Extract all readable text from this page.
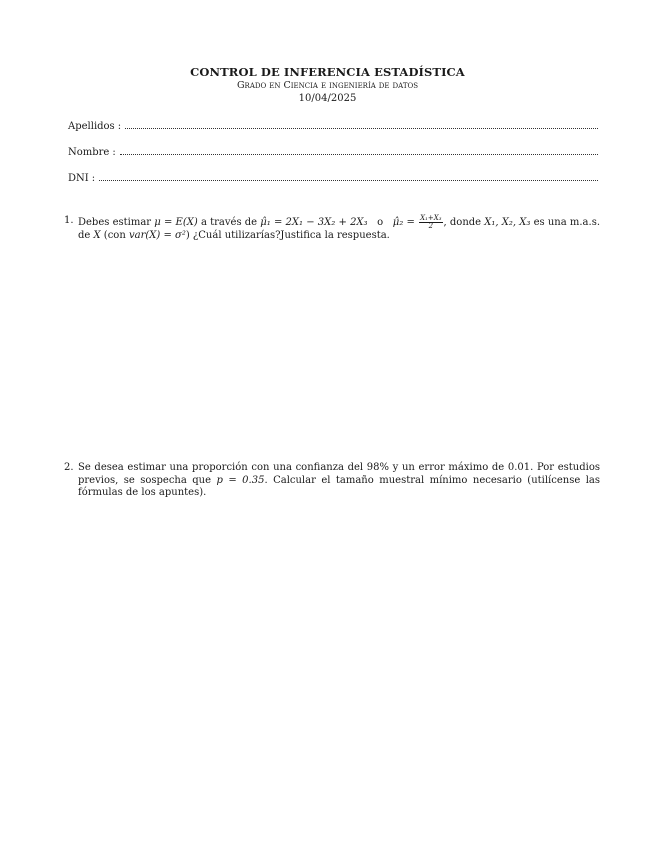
CONTROL DE INFERENCIA ESTADÍSTICA
Grado en Ciencia e ingeniería de datos
10/04/2025
Apellidos :
Nombre :
DNI :
1. Debes estimar μ = E(X) a través de μ̂₁ = 2X₁ − 3X₂ + 2X₃ o μ̂₂ = $\frac{\text{X₁+X₃}}{2}$ , donde X₁, X₂, X₃ es una m.a.s. de X (con var(X) = σ²) ¿Cuál utilizarías?Justifica la respuesta.
2. Se desea estimar una proporción con una confianza del 98% y un error máximo de 0.01. Por estudios previos, se sospecha que p = 0.35. Calcular el tamaño muestral mínimo necesario (utilícense las fórmulas de los apuntes).
